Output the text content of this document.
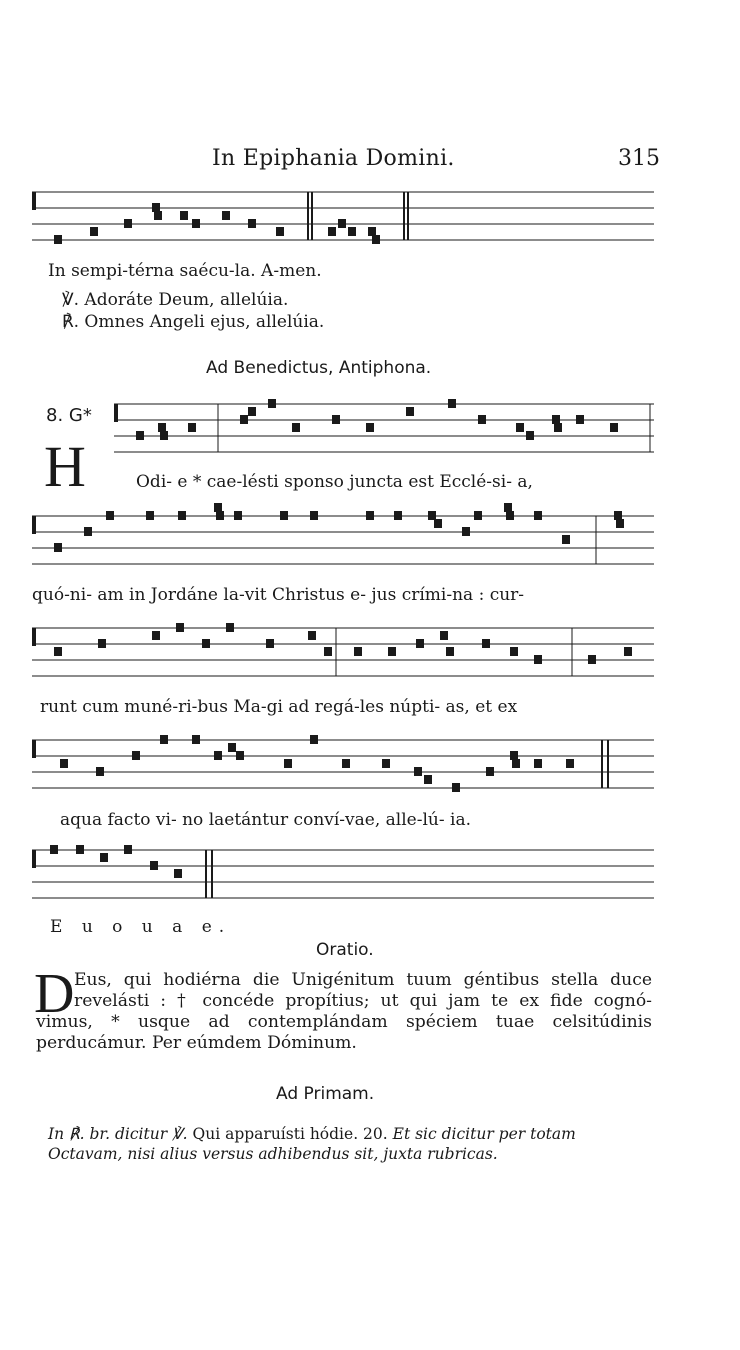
In Epiphania Domini.	315
In sempi-térna saécu-la. A-men.
℣. Adoráte Deum, allelúia.
℟. Omnes Angeli ejus, allelúia.
Ad Benedictus, Antiphona.
8. G*
H	Odi- e * cae-lésti sponso juncta est Ecclé-si- a,
quó-ni- am in Jordáne la-vit Christus e- jus crími-na : cur-
runt cum muné-ri-bus Ma-gi ad regá-les núpti- as, et ex
aqua facto vi- no laetántur conví-vae, alle-lú- ia.
E u o u a e.
Oratio.
D Eus, qui hodiérna die Unigénitum tuum géntibus stella duce
revelásti : † concéde propítius; ut qui jam te ex fide cognó-
vimus, * usque ad contemplándam spéciem tuae celsitúdinis
perducámur. Per eúmdem Dóminum.
Ad Primam.
In ℟. br. dicitur ℣. Qui apparuísti hódie. 20. Et sic dicitur per totam
Octavam, nisi alius versus adhibendus sit, juxta rubricas.
